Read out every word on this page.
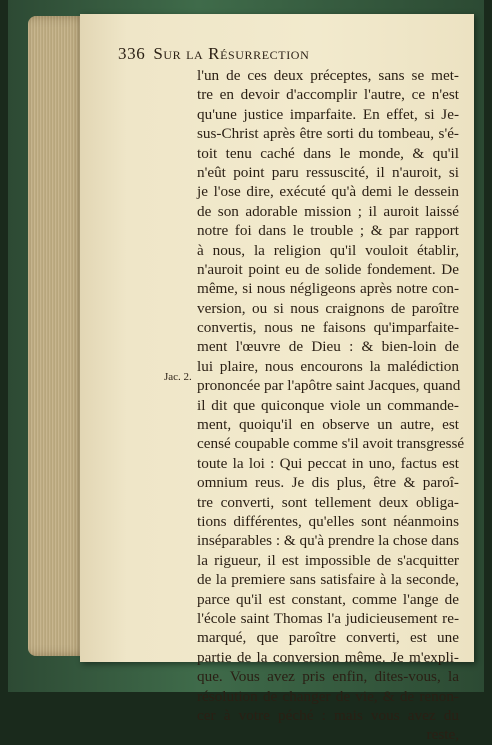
336 Sur la Résurrection
Jac. 2.
l'un de ces deux préceptes, sans se met-
tre en devoir d'accomplir l'autre, ce n'est
qu'une justice imparfaite. En effet, si Je-
sus-Christ après être sorti du tombeau, s'é-
toit tenu caché dans le monde, & qu'il
n'eût point paru ressuscité, il n'auroit, si
je l'ose dire, exécuté qu'à demi le dessein
de son adorable mission ; il auroit laissé
notre foi dans le trouble ; & par rapport
à nous, la religion qu'il vouloit établir,
n'auroit point eu de solide fondement. De
même, si nous négligeons après notre con-
version, ou si nous craignons de paroître
convertis, nous ne faisons qu'imparfaite-
ment l'œuvre de Dieu : & bien-loin de
lui plaire, nous encourons la malédiction
prononcée par l'apôtre saint Jacques, quand
il dit que quiconque viole un commande-
ment, quoiqu'il en observe un autre, est
censé coupable comme s'il avoit transgressé
toute la loi : Qui peccat in uno, factus est
omnium reus. Je dis plus, être & paroî-
tre converti, sont tellement deux obliga-
tions différentes, qu'elles sont néanmoins
inséparables : & qu'à prendre la chose dans
la rigueur, il est impossible de s'acquitter
de la premiere sans satisfaire à la seconde,
parce qu'il est constant, comme l'ange de
l'école saint Thomas l'a judicieusement re-
marqué, que paroître converti, est une
partie de la conversion même. Je m'expli-
que. Vous avez pris enfin, dites-vous, la
résolution de changer de vie, & de renon-
cer à votre péché : mais vous avez du
reste,
